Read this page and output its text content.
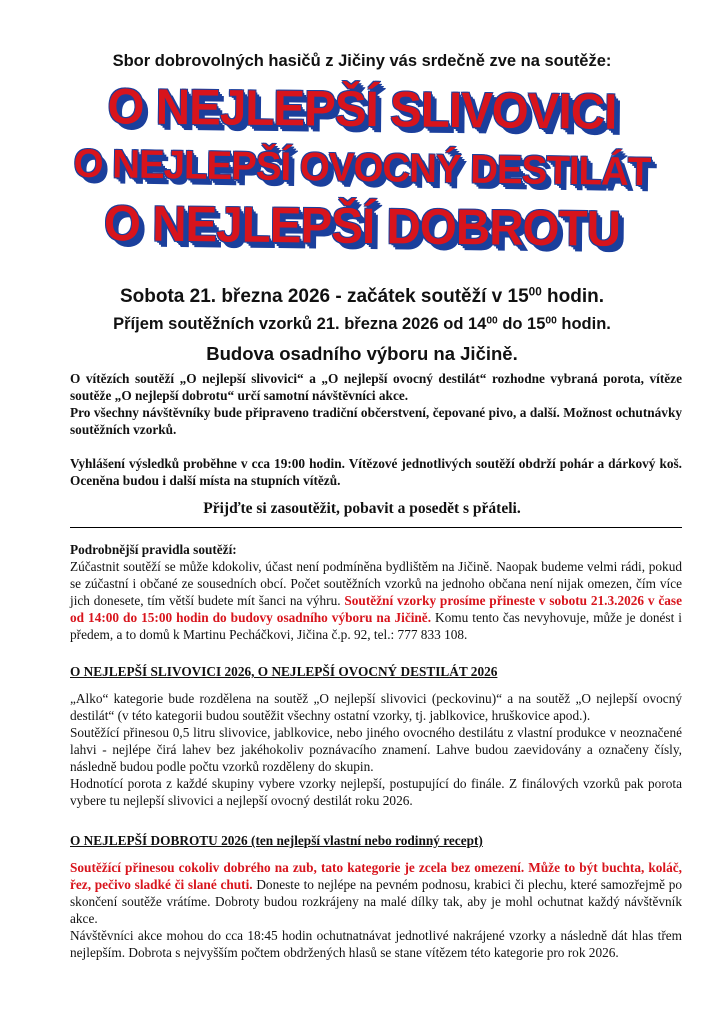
Sbor dobrovolných hasičů z Jičiny vás srdečně zve na soutěže:
O NEJLEPŠÍ SLIVOVICI
O NEJLEPŠÍ OVOCNÝ DESTILÁT
O NEJLEPŠÍ DOBROTU
Sobota 21. března 2026 - začátek soutěží v $15^{00}$ hodin.
Příjem soutěžních vzorků 21. března 2026 od $14^{00}$ do $15^{00}$ hodin.
Budova osadního výboru na Jičině.

O vítězích soutěží „O nejlepší slivovici“ a „O nejlepší ovocný destilát“ rozhodne vybraná porota, vítěze soutěže „O nejlepší dobrotu“ určí samotní návštěvníci akce.

Pro všechny návštěvníky bude připraveno tradiční občerstvení, čepované pivo, a další. Možnost ochutnávky soutěžních vzorků.

Vyhlášení výsledků proběhne v cca 19:00 hodin. Vítězové jednotlivých soutěží obdrží pohár a dárkový koš. Oceněna budou i další místa na stupních vítězů.

Přijďte si zasoutěžit, pobavit a posedět s přáteli.

Podrobnější pravidla soutěží:

Zúčastnit soutěží se může kdokoliv, účast není podmíněna bydlištěm na Jičině. Naopak budeme velmi rádi, pokud se zúčastní i občané ze sousedních obcí. Počet soutěžních vzorků na jednoho občana není nijak omezen, čím více jich donesete, tím větší budete mít šanci na výhru. Soutěžní vzorky prosíme přineste v sobotu 21.3.2026 v čase od 14:00 do 15:00 hodin do budovy osadního výboru na Jičině. Komu tento čas nevyhovuje, může je donést i předem, a to domů k Martinu Pecháčkovi, Jičina č.p. 92, tel.: 777 833 108.

O NEJLEPŠÍ SLIVOVICI 2026, O NEJLEPŠÍ OVOCNÝ DESTILÁT 2026

„Alko“ kategorie bude rozdělena na soutěž „O nejlepší slivovici (peckovinu)“ a na soutěž „O nejlepší ovocný destilát“ (v této kategorii budou soutěžit všechny ostatní vzorky, tj. jablkovice, hruškovice apod.).

Soutěžící přinesou 0,5 litru slivovice, jablkovice, nebo jiného ovocného destilátu z vlastní produkce v neoznačené lahvi - nejlépe čirá lahev bez jakéhokoliv poznávacího znamení. Lahve budou zaevidovány a označeny čísly, následně budou podle počtu vzorků rozděleny do skupin.

Hodnotící porota z každé skupiny vybere vzorky nejlepší, postupující do finále. Z finálových vzorků pak porota vybere tu nejlepší slivovici a nejlepší ovocný destilát roku 2026.

O NEJLEPŠÍ DOBROTU 2026 (ten nejlepší vlastní nebo rodinný recept)

Soutěžící přinesou cokoliv dobrého na zub, tato kategorie je zcela bez omezení. Může to být buchta, koláč, řez, pečivo sladké či slané chuti. Doneste to nejlépe na pevném podnosu, krabici či plechu, které samozřejmě po skončení soutěže vrátíme. Dobroty budou rozkrájeny na malé dílky tak, aby je mohl ochutnat každý návštěvník akce.

Návštěvníci akce mohou do cca 18:45 hodin ochutnatnávat jednotlivé nakrájené vzorky a následně dát hlas třem nejlepším. Dobrota s nejvyšším počtem obdržených hlasů se stane vítězem této kategorie pro rok 2026.
